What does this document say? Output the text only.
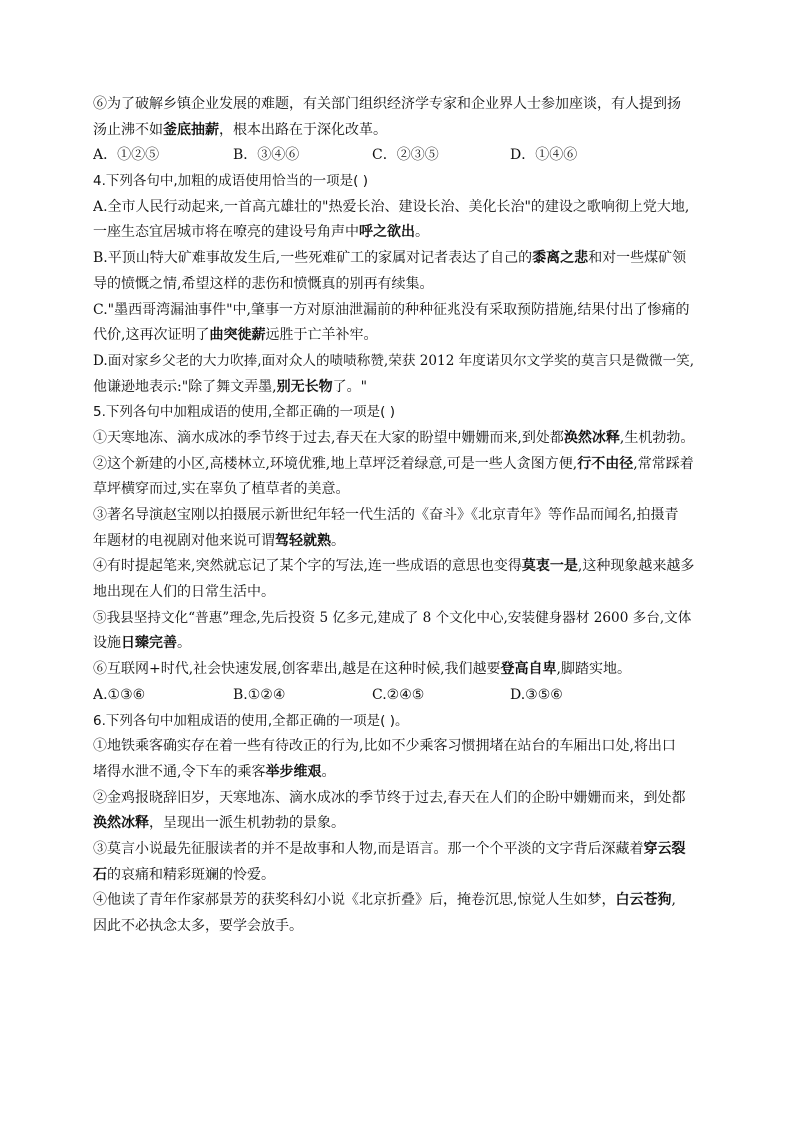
⑥为了破解乡镇企业发展的难题，有关部门组织经济学专家和企业界人士参加座谈，有人提到扬
汤止沸不如釜底抽薪，根本出路在于深化改革。
A．①②⑤	B．③④⑥	C．②③⑤	D．①④⑥
4.下列各句中,加粗的成语使用恰当的一项是( )
A.全市人民行动起来,一首高亢雄壮的"热爱长治、建设长治、美化长治"的建设之歌响彻上党大地,
一座生态宜居城市将在嘹亮的建设号角声中呼之欲出。
B.平顶山特大矿难事故发生后,一些死难矿工的家属对记者表达了自己的黍离之悲和对一些煤矿领
导的愤慨之情,希望这样的悲伤和愤慨真的别再有续集。
C."墨西哥湾漏油事件"中,肇事一方对原油泄漏前的种种征兆没有采取预防措施,结果付出了惨痛的
代价,这再次证明了曲突徙薪远胜于亡羊补牢。
D.面对家乡父老的大力吹捧,面对众人的啧啧称赞,荣获 2012 年度诺贝尔文学奖的莫言只是微微一笑,
他谦逊地表示:"除了舞文弄墨,别无长物了。"
5.下列各句中加粗成语的使用,全都正确的一项是( )
①天寒地冻、滴水成冰的季节终于过去,春天在大家的盼望中姗姗而来,到处都涣然冰释,生机勃勃。
②这个新建的小区,高楼林立,环境优雅,地上草坪泛着绿意,可是一些人贪图方便,行不由径,常常踩着
草坪横穿而过,实在辜负了植草者的美意。
③著名导演赵宝刚以拍摄展示新世纪年轻一代生活的《奋斗》《北京青年》等作品而闻名,拍摄青
年题材的电视剧对他来说可谓驾轻就熟。
④有时提起笔来,突然就忘记了某个字的写法,连一些成语的意思也变得莫衷一是,这种现象越来越多
地出现在人们的日常生活中。
⑤我县坚持文化“普惠”理念,先后投资 5 亿多元,建成了 8 个文化中心,安装健身器材 2600 多台,文体
设施日臻完善。
⑥互联网+时代,社会快速发展,创客辈出,越是在这种时候,我们越要登高自卑,脚踏实地。
A.①③⑥	B.①②④	C.②④⑤	D.③⑤⑥
6.下列各句中加粗成语的使用,全都正确的一项是( )。
①地铁乘客确实存在着一些有待改正的行为,比如不少乘客习惯拥堵在站台的车厢出口处,将出口
堵得水泄不通,令下车的乘客举步维艰。
②金鸡报晓辞旧岁，天寒地冻、滴水成冰的季节终于过去,春天在人们的企盼中姗姗而来，到处都
涣然冰释，呈现出一派生机勃勃的景象。
③莫言小说最先征服读者的并不是故事和人物,而是语言。那一个个平淡的文字背后深藏着穿云裂
石的哀痛和精彩斑斓的怜爱。
④他读了青年作家郝景芳的获奖科幻小说《北京折叠》后，掩卷沉思,惊觉人生如梦，白云苍狗,
因此不必执念太多，要学会放手。
